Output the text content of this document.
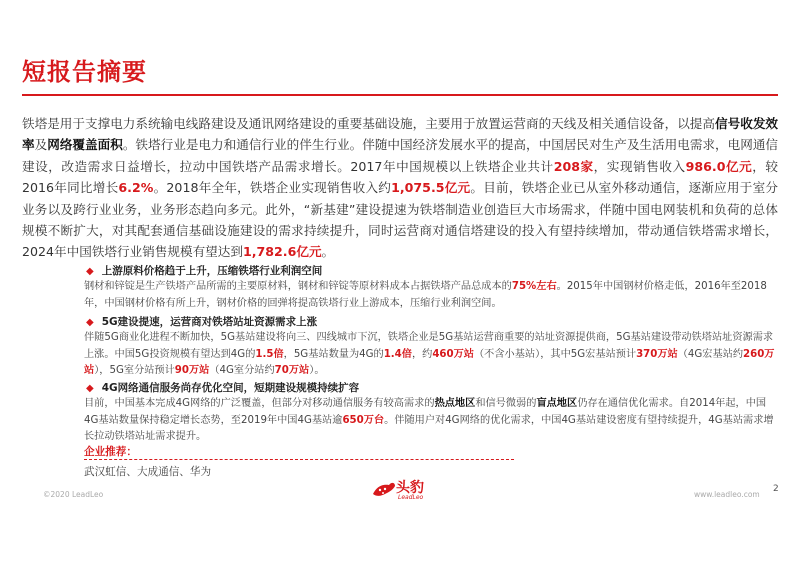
短报告摘要
铁塔是用于支撑电力系统输电线路建设及通讯网络建设的重要基础设施，主要用于放置运营商的天线及相关通信设备，以提高信号收发效率及网络覆盖面积。铁塔行业是电力和通信行业的伴生行业。伴随中国经济发展水平的提高，中国居民对生产及生活用电需求，电网通信建设，改造需求日益增长，拉动中国铁塔产品需求增长。2017年中国规模以上铁塔企业共计208家，实现销售收入986.0亿元，较2016年同比增长6.2%。2018年全年，铁塔企业实现销售收入约1,075.5亿元。目前，铁塔企业已从室外移动通信，逐渐应用于室分业务以及跨行业业务，业务形态趋向多元。此外，“新基建”建设提速为铁塔制造业创造巨大市场需求，伴随中国电网装机和负荷的总体规模不断扩大，对其配套通信基础设施建设的需求持续提升，同时运营商对通信塔建设的投入有望持续增加，带动通信铁塔需求增长，2024年中国铁塔行业销售规模有望达到1,782.6亿元。
◆ 上游原料价格趋于上升，压缩铁塔行业利润空间
钢材和锌锭是生产铁塔产品所需的主要原材料，钢材和锌锭等原材料成本占据铁塔产品总成本的75%左右。2015年中国钢材价格走低，2016年至2018年，中国钢材价格有所上升，钢材价格的回弹将提高铁塔行业上游成本，压缩行业利润空间。
◆ 5G建设提速，运营商对铁塔站址资源需求上涨
伴随5G商业化进程不断加快，5G基站建设将向三、四线城市下沉，铁塔企业是5G基站运营商重要的站址资源提供商，5G基站建设带动铁塔站址资源需求上涨。中国5G投资规模有望达到4G的1.5倍，5G基站数量为4G的1.4倍，约460万站（不含小基站），其中5G宏基站预计370万站（4G宏基站约260万站），5G室分站预计90万站（4G室分站约70万站）。
◆ 4G网络通信服务尚存优化空间，短期建设规模持续扩容
目前，中国基本完成4G网络的广泛覆盖，但部分对移动通信服务有较高需求的热点地区和信号微弱的盲点地区仍存在通信优化需求。自2014年起，中国4G基站数量保持稳定增长态势，至2019年中国4G基站逾650万台。伴随用户对4G网络的优化需求，中国4G基站建设密度有望持续提升，4G基站需求增长拉动铁塔站址需求提升。
企业推荐：
武汉虹信、大成通信、华为
©2020 LeadLeo	头豹
LeadLeo	www.leadleo.com
2
